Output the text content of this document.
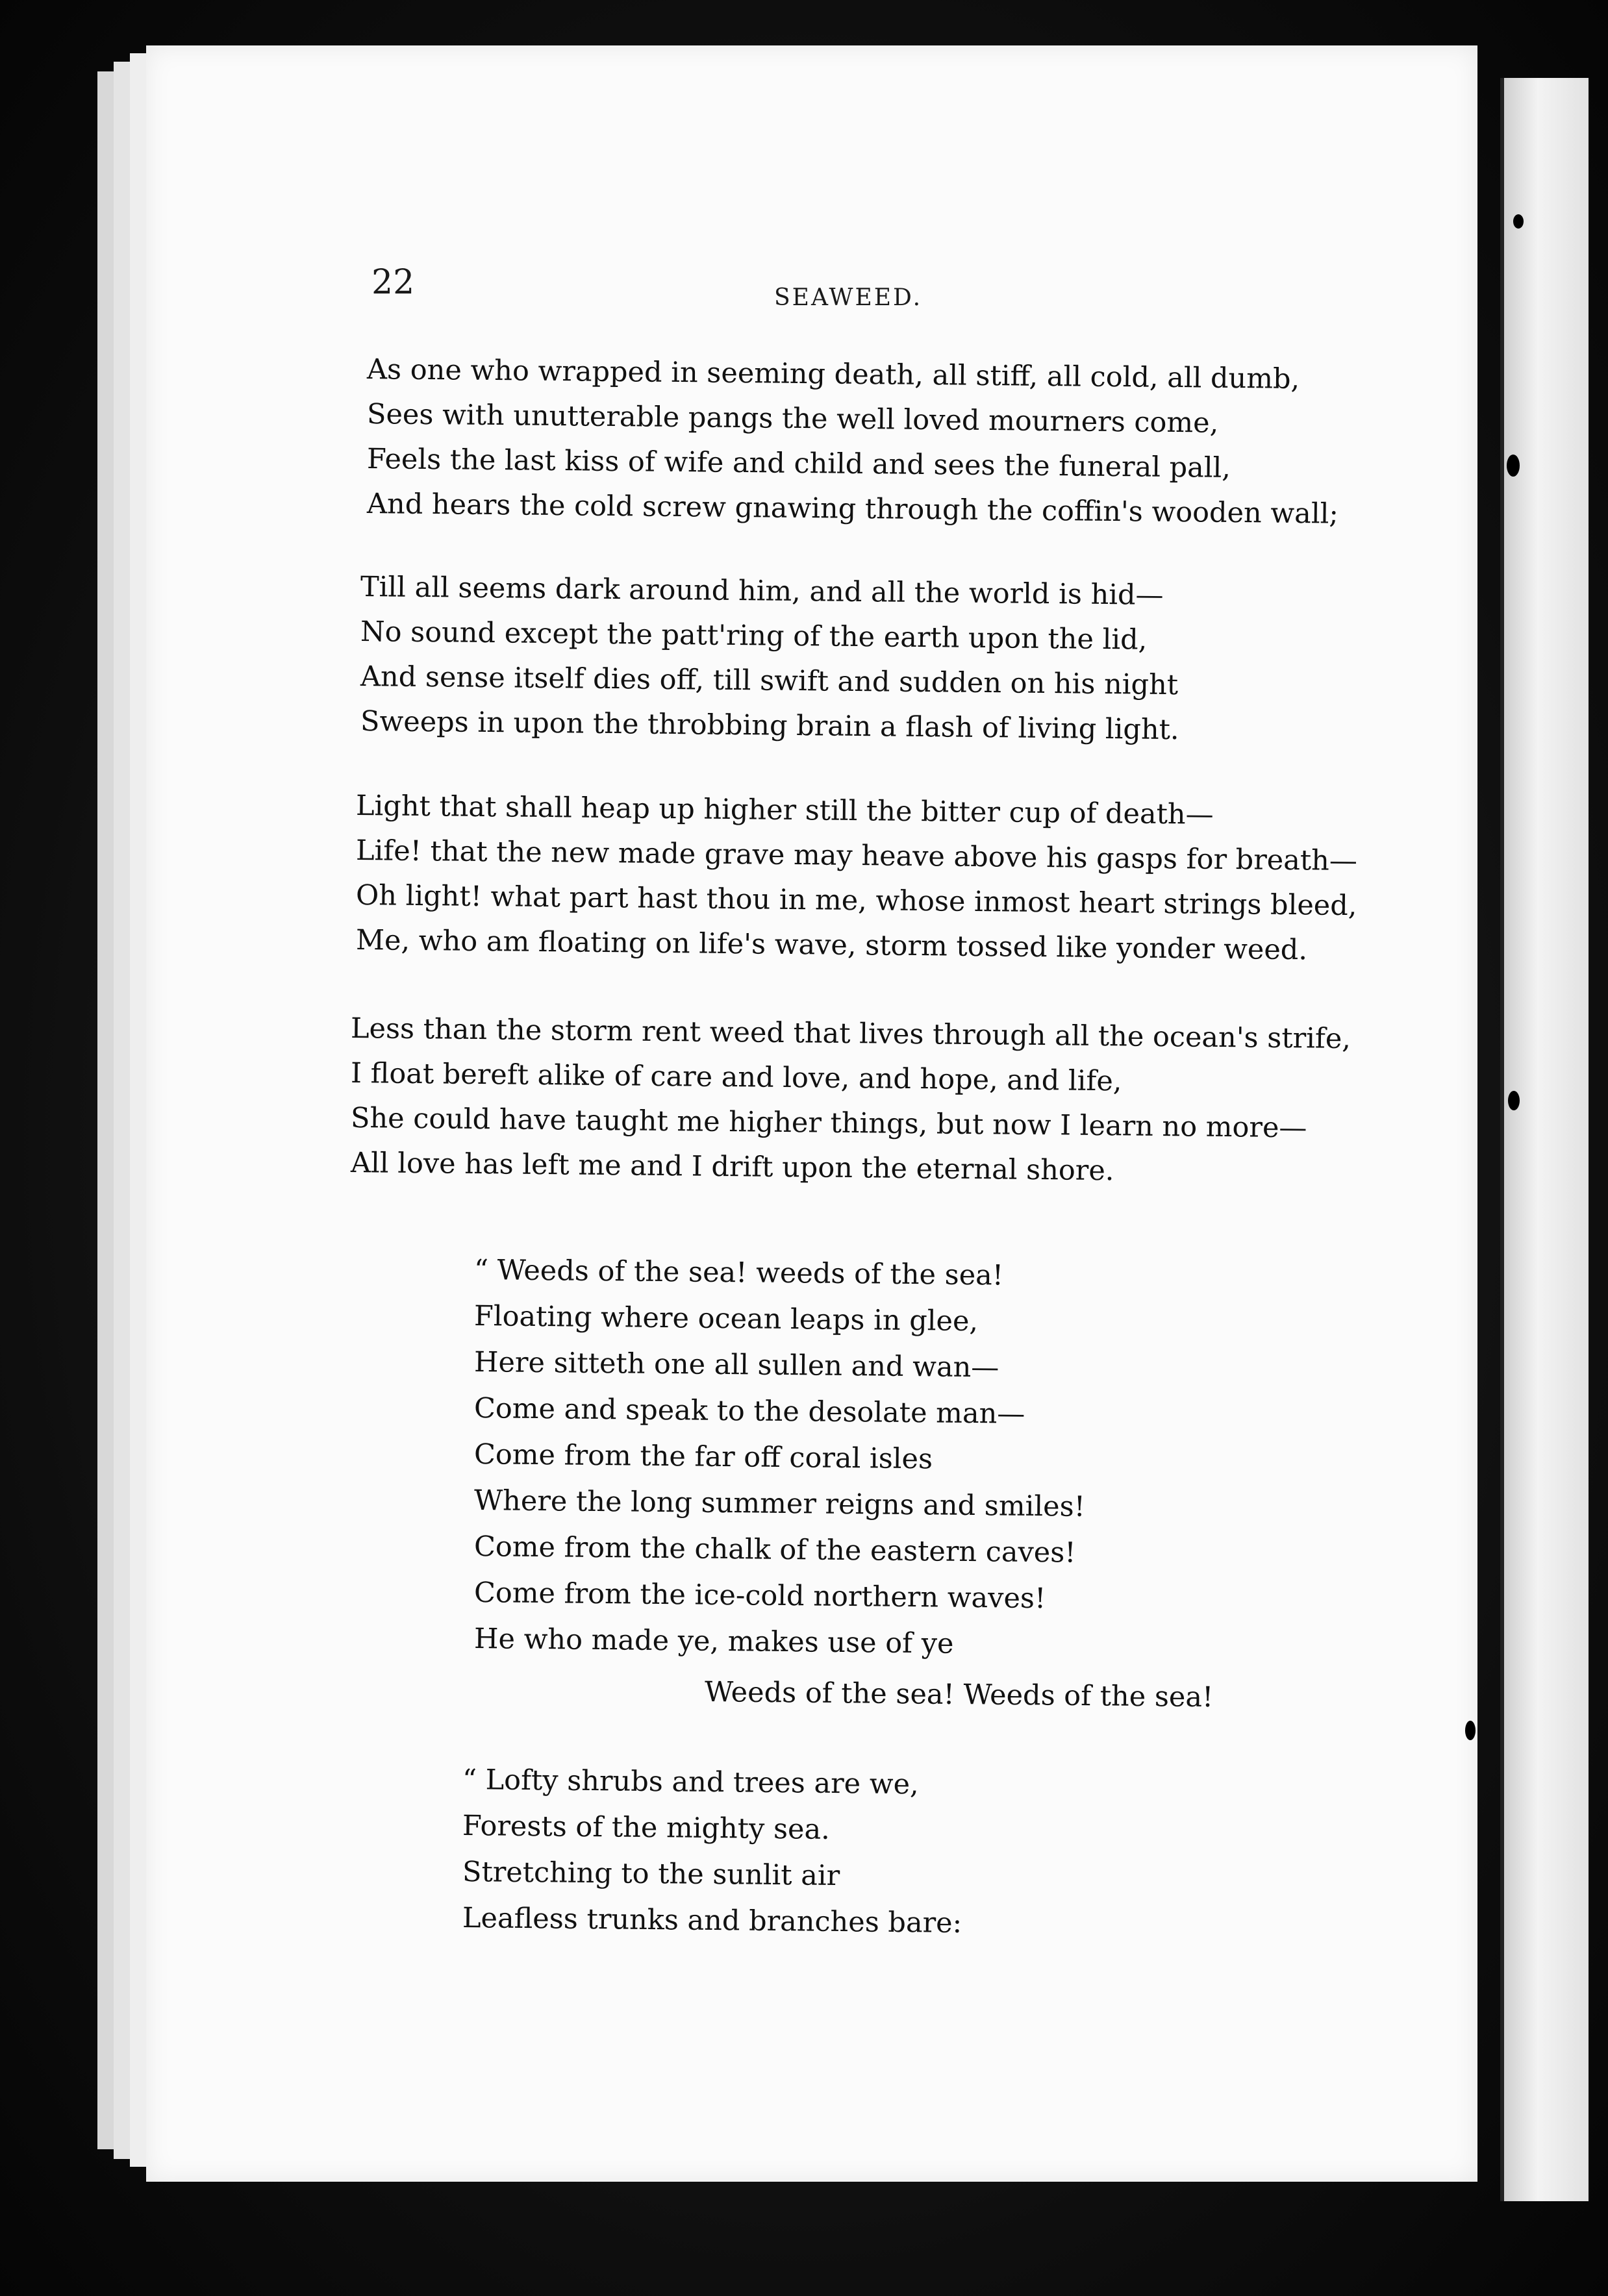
22	SEAWEED.
As one who wrapped in seeming death, all stiff, all cold, all dumb,
Sees with unutterable pangs the well loved mourners come,
Feels the last kiss of wife and child and sees the funeral pall,
And hears the cold screw gnawing through the coffin's wooden wall;
Till all seems dark around him, and all the world is hid—
No sound except the patt'ring of the earth upon the lid,
And sense itself dies off, till swift and sudden on his night
Sweeps in upon the throbbing brain a flash of living light.
Light that shall heap up higher still the bitter cup of death—
Life! that the new made grave may heave above his gasps for breath—
Oh light! what part hast thou in me, whose inmost heart strings bleed,
Me, who am floating on life's wave, storm tossed like yonder weed.
Less than the storm rent weed that lives through all the ocean's strife,
I float bereft alike of care and love, and hope, and life,
She could have taught me higher things, but now I learn no more—
All love has left me and I drift upon the eternal shore.
“ Weeds of the sea! weeds of the sea!
Floating where ocean leaps in glee,
Here sitteth one all sullen and wan—
Come and speak to the desolate man—
Come from the far off coral isles
Where the long summer reigns and smiles!
Come from the chalk of the eastern caves!
Come from the ice-cold northern waves!
He who made ye, makes use of ye
Weeds of the sea! Weeds of the sea!
“ Lofty shrubs and trees are we,
Forests of the mighty sea.
Stretching to the sunlit air
Leafless trunks and branches bare:
